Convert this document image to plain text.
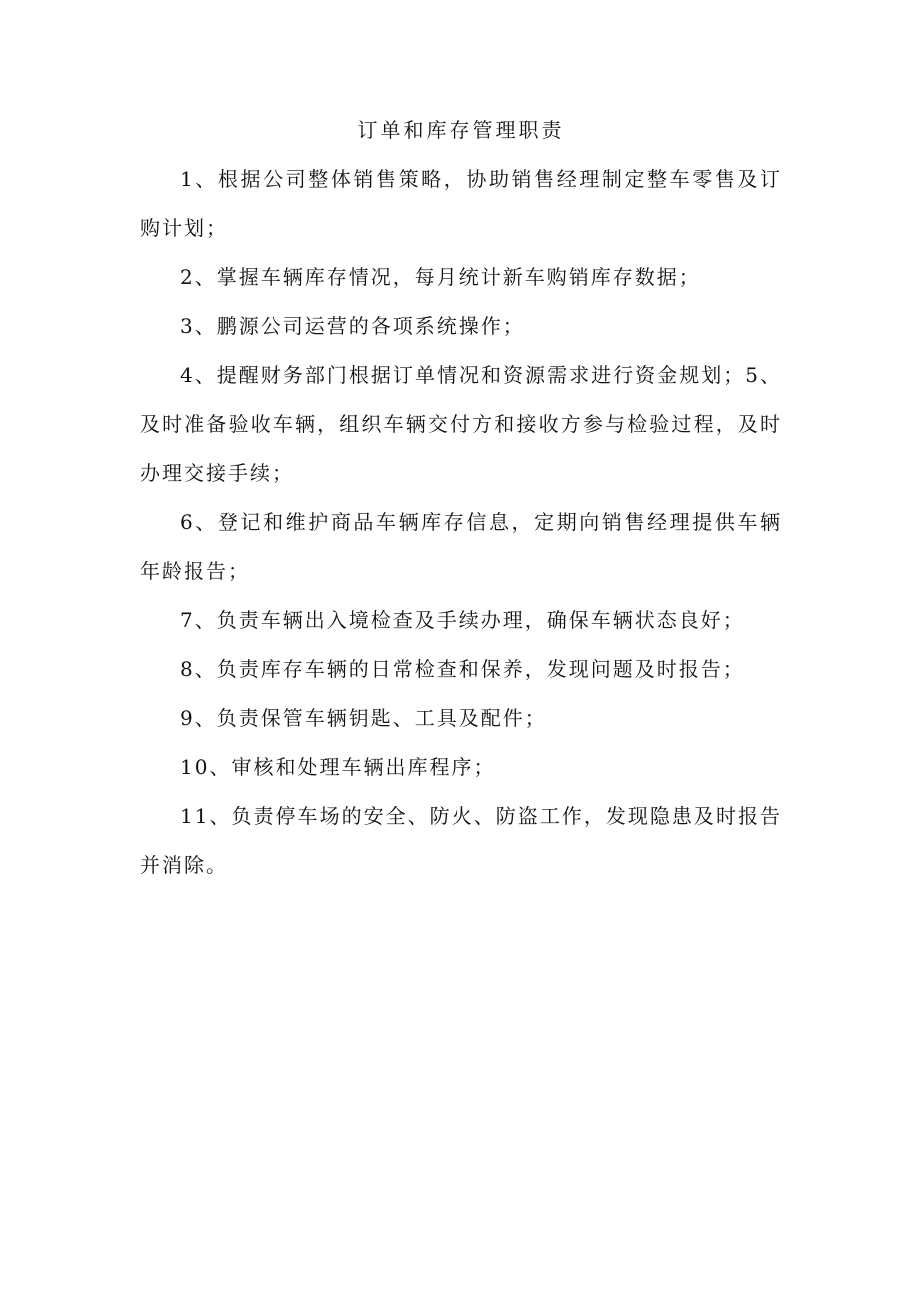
订单和库存管理职责

1、根据公司整体销售策略，协助销售经理制定整车零售及订购计划；

2、掌握车辆库存情况，每月统计新车购销库存数据；

3、鹏源公司运营的各项系统操作；

4、提醒财务部门根据订单情况和资源需求进行资金规划；5、及时准备验收车辆，组织车辆交付方和接收方参与检验过程，及时办理交接手续；

6、登记和维护商品车辆库存信息，定期向销售经理提供车辆年龄报告；

7、负责车辆出入境检查及手续办理，确保车辆状态良好；

8、负责库存车辆的日常检查和保养，发现问题及时报告；

9、负责保管车辆钥匙、工具及配件；

10、审核和处理车辆出库程序；

11、负责停车场的安全、防火、防盗工作，发现隐患及时报告并消除。
